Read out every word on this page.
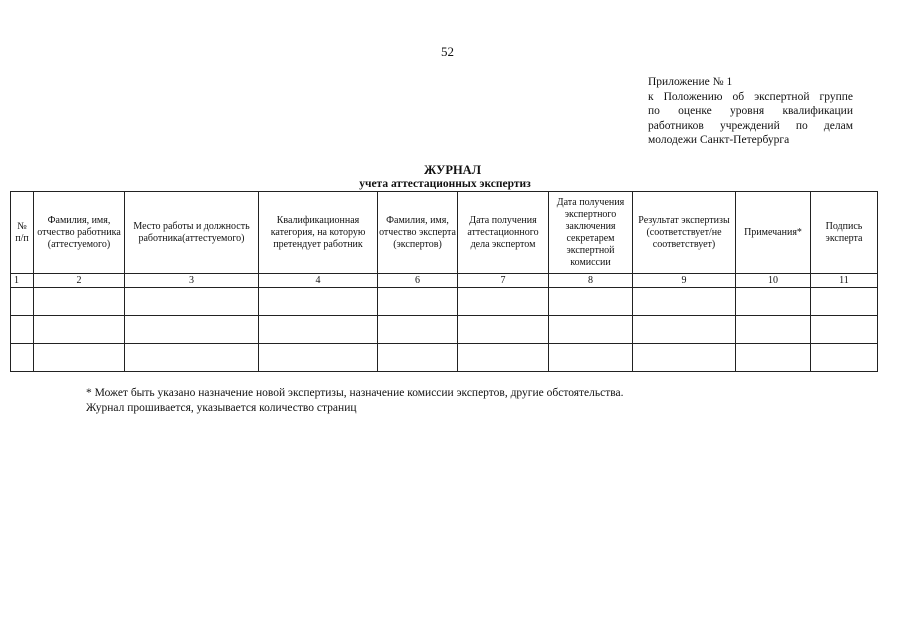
52
Приложение № 1
к Положению об экспертной группе
по оценке уровня квалификации
работников учреждений по делам
молодежи Санкт-Петербурга
ЖУРНАЛ
учета аттестационных экспертиз
№ п/п	Фамилия, имя, отчество работника (аттестуемого)	Место работы и должность работника(аттестуемого)	Квалификационная категория, на которую претендует работник	Фамилия, имя, отчество эксперта (экспертов)	Дата получения аттестационного дела экспертом	Дата получения экспертного заключения секретарем экспертной комиссии	Результат экспертизы (соответствует/не соответствует)	Примечания*	Подпись эксперта
1	2	3	4	6	7	8	9	10	11

* Может быть указано назначение новой экспертизы, назначение комиссии экспертов, другие обстоятельства.
Журнал прошивается, указывается количество страниц
